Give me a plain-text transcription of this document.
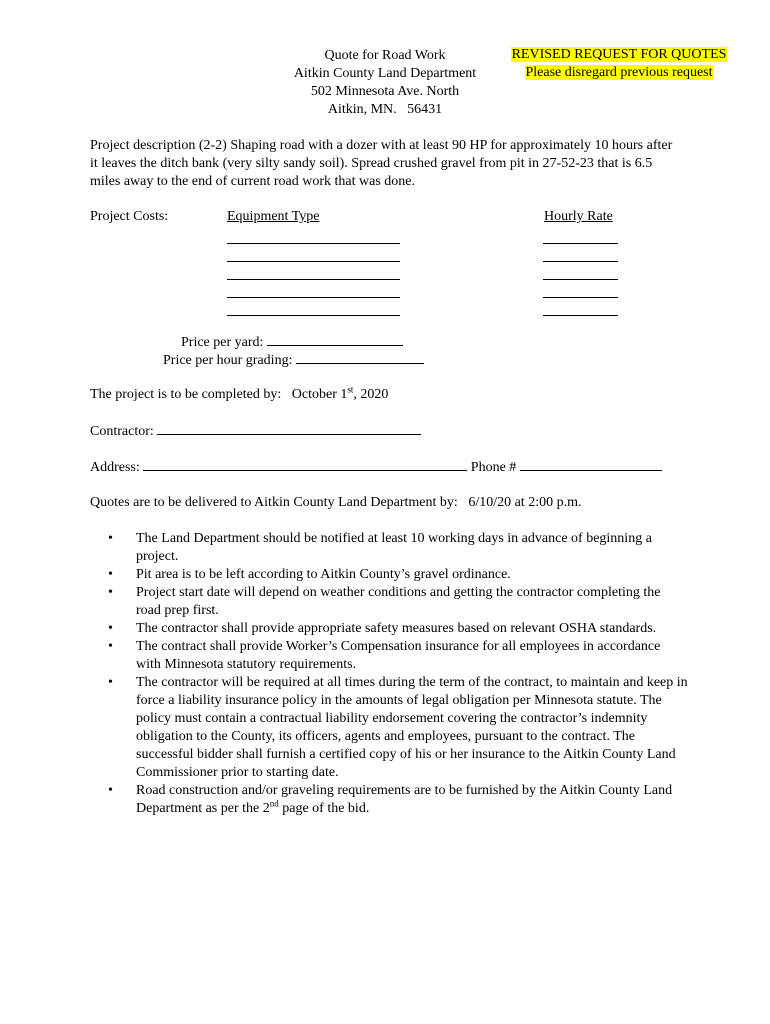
Quote for Road Work
Aitkin County Land Department
502 Minnesota Ave. North
Aitkin, MN.   56431
REVISED REQUEST FOR QUOTES
Please disregard previous request
Project description (2-2) Shaping road with a dozer with at least 90 HP for approximately 10 hours after it leaves the ditch bank (very silty sandy soil). Spread crushed gravel from pit in 27-52-23 that is 6.5 miles away to the end of current road work that was done.
Project Costs:	Equipment Type	Hourly Rate
Price per yard:
Price per hour grading:
The project is to be completed by: October 1st, 2020
Contractor:
Address:	Phone #
Quotes are to be delivered to Aitkin County Land Department by: 6/10/20 at 2:00 p.m.
• The Land Department should be notified at least 10 working days in advance of beginning a project.
• Pit area is to be left according to Aitkin County’s gravel ordinance.
• Project start date will depend on weather conditions and getting the contractor completing the road prep first.
• The contractor shall provide appropriate safety measures based on relevant OSHA standards.
• The contract shall provide Worker’s Compensation insurance for all employees in accordance with Minnesota statutory requirements.
• The contractor will be required at all times during the term of the contract, to maintain and keep in force a liability insurance policy in the amounts of legal obligation per Minnesota statute. The policy must contain a contractual liability endorsement covering the contractor’s indemnity obligation to the County, its officers, agents and employees, pursuant to the contract. The successful bidder shall furnish a certified copy of his or her insurance to the Aitkin County Land Commissioner prior to starting date.
• Road construction and/or graveling requirements are to be furnished by the Aitkin County Land Department as per the 2nd page of the bid.
